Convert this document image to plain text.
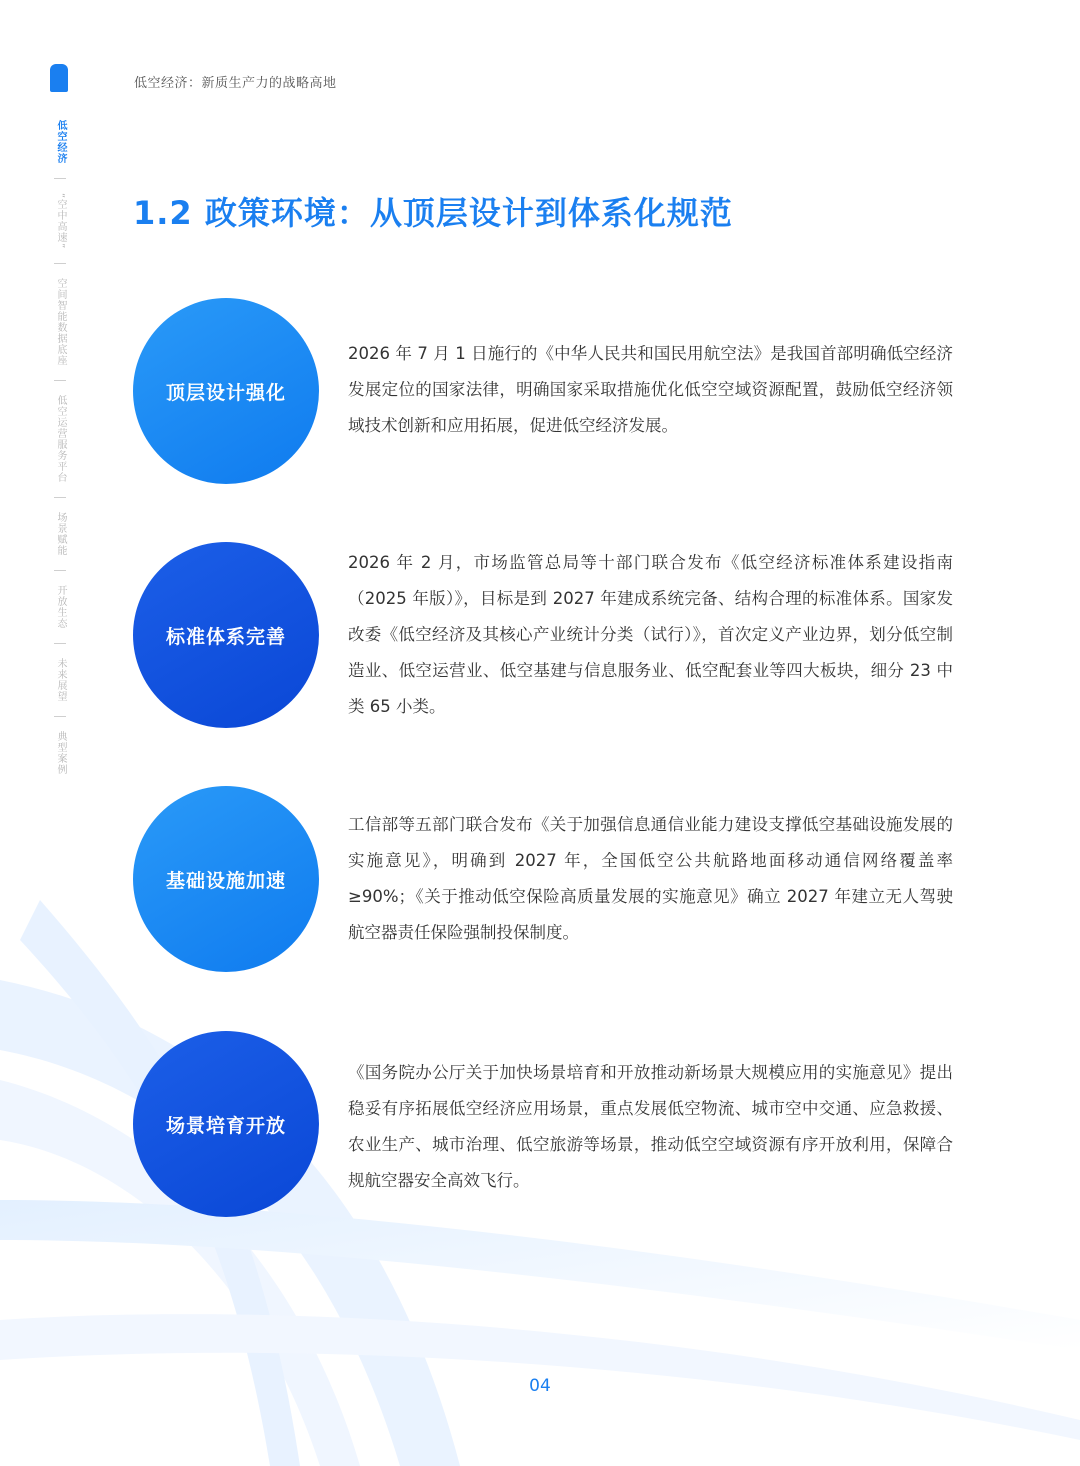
低空经济：新质生产力的战略高地
低空经济
“空中高速”
空间智能数据底座
低空运营服务平台
场景赋能
开放生态
未来展望
典型案例
1.2 政策环境：从顶层设计到体系化规范
顶层设计强化

2026 年 7 月 1 日施行的《中华人民共和国民用航空法》是我国首部明确低空经济发展定位的国家法律，明确国家采取措施优化低空空域资源配置，鼓励低空经济领域技术创新和应用拓展，促进低空经济发展。

标准体系完善

2026 年 2 月，市场监管总局等十部门联合发布《低空经济标准体系建设指南（2025 年版）》，目标是到 2027 年建成系统完备、结构合理的标准体系。国家发改委《低空经济及其核心产业统计分类（试行）》，首次定义产业边界，划分低空制造业、低空运营业、低空基建与信息服务业、低空配套业等四大板块，细分 23 中类 65 小类。

基础设施加速

工信部等五部门联合发布《关于加强信息通信业能力建设支撑低空基础设施发展的实施意见》，明确到 2027 年，全国低空公共航路地面移动通信网络覆盖率≥90%；《关于推动低空保险高质量发展的实施意见》确立 2027 年建立无人驾驶航空器责任保险强制投保制度。

场景培育开放

《国务院办公厅关于加快场景培育和开放推动新场景大规模应用的实施意见》提出稳妥有序拓展低空经济应用场景，重点发展低空物流、城市空中交通、应急救援、农业生产、城市治理、低空旅游等场景，推动低空空域资源有序开放利用，保障合规航空器安全高效飞行。

04
